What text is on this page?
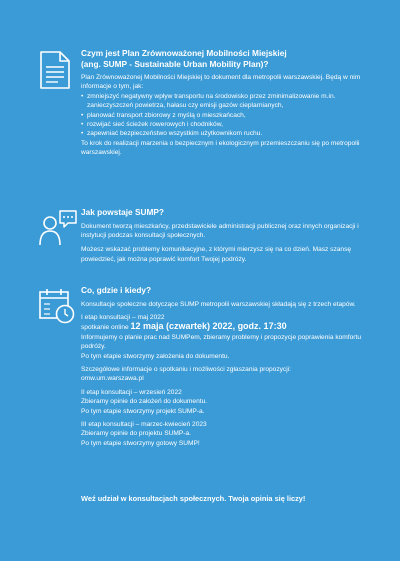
Czym jest Plan Zrównoważonej Mobilności Miejskiej
(ang. SUMP - Sustainable Urban Mobility Plan)?

Plan Zrównoważonej Mobilności Miejskiej to dokument dla metropolii warszawskiej. Będą w nim informacje o tym, jak:

• zmniejszyć negatywny wpływ transportu na środowisko przez zminimalizowanie m.in. zanieczyszczeń powietrza, hałasu czy emisji gazów cieplarnianych,
• planować transport zbiorowy z myślą o mieszkańcach,
• rozwijać sieć ścieżek rowerowych i chodników,
• zapewniać bezpieczeństwo wszystkim użytkownikom ruchu.

To krok do realizacji marzenia o bezpiecznym i ekologicznym przemieszczaniu się po metropolii warszawskiej.

Jak powstaje SUMP?

Dokument tworzą mieszkańcy, przedstawiciele administracji publicznej oraz innych organizacji i instytucji podczas konsultacji społecznych.

Możesz wskazać problemy komunikacyjne, z którymi mierzysz się na co dzień. Masz szansę powiedzieć, jak można poprawić komfort Twojej podróży.

Co, gdzie i kiedy?

Konsultacje społeczne dotyczące SUMP metropolii warszawskiej składają się z trzech etapów.

I etap konsultacji – maj 2022

spotkanie online 12 maja (czwartek) 2022, godz. 17:30

Informujemy o planie prac nad SUMPem, zbieramy problemy i propozycje poprawienia komfortu podróży.

Po tym etapie stworzymy założenia do dokumentu.

Szczegółowe informacje o spotkaniu i możliwości zgłaszania propozycji:

omw.um.warszawa.pl

II etap konsultacji – wrzesień 2022

Zbieramy opinie do założeń do dokumentu.

Po tym etapie stworzymy projekt SUMP-a.

III etap konsultacji – marzec-kwiecień 2023

Zbieramy opinie do projektu SUMP-a.

Po tym etapie stworzymy gotowy SUMP!

Weź udział w konsultacjach społecznych. Twoja opinia się liczy!
